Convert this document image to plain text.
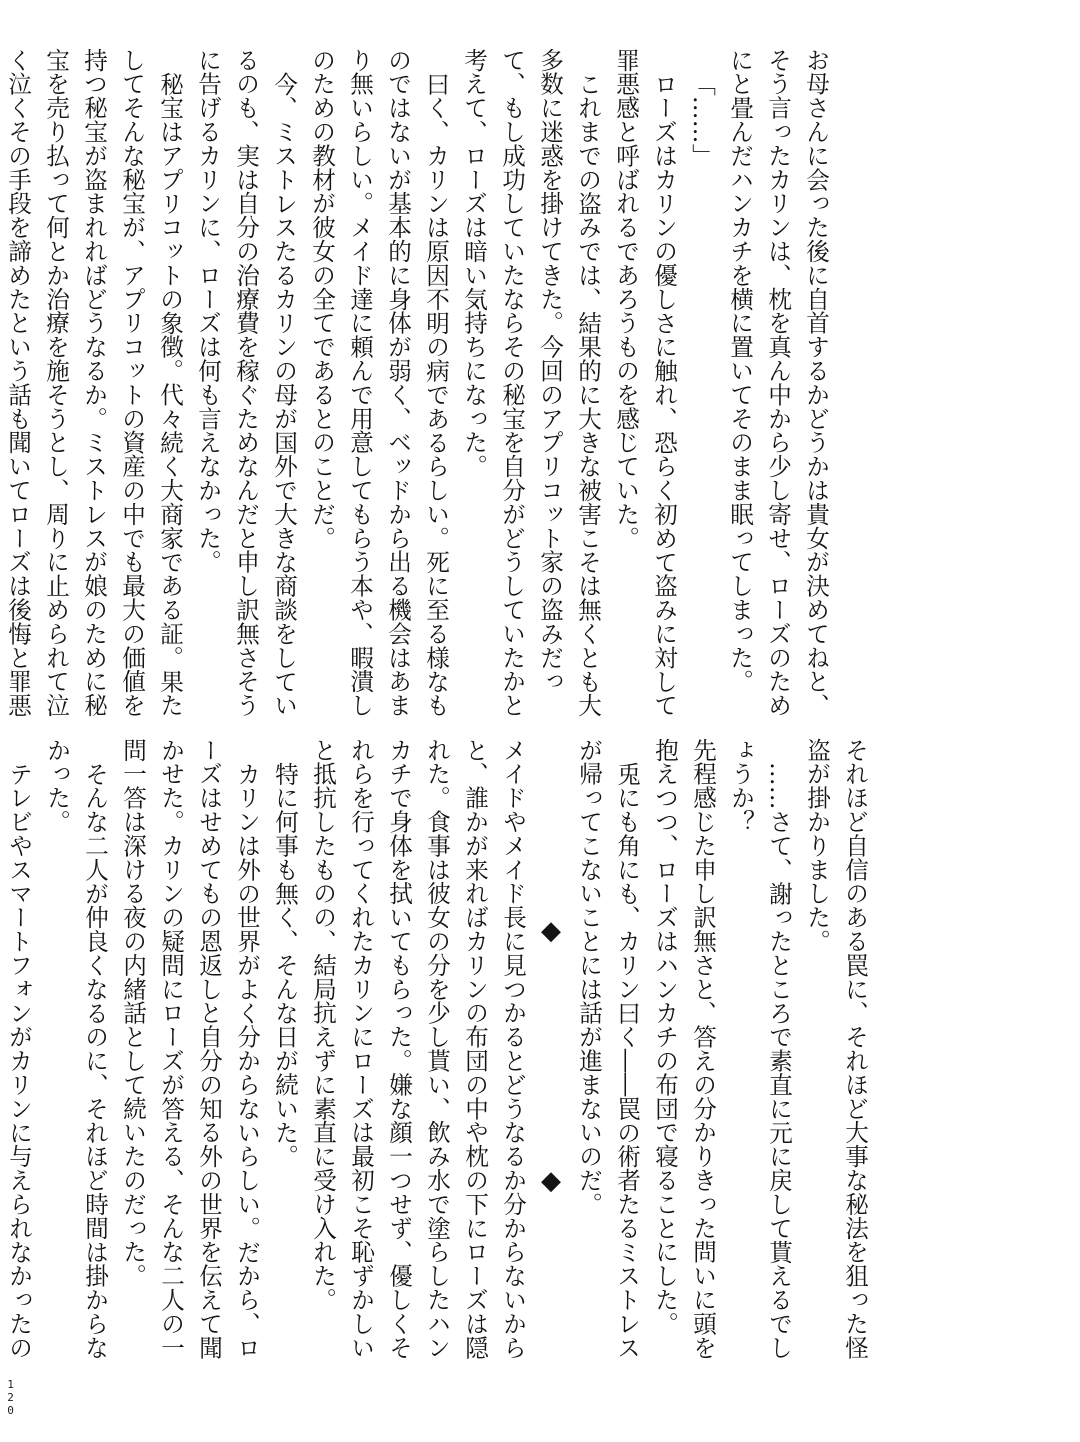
お母さんに会った後に自首するかどうかは貴女が決めてねと、そう言ったカリンは、枕を真ん中から少し寄せ、ローズのためにと畳んだハンカチを横に置いてそのまま眠ってしまった。

「……」

ローズはカリンの優しさに触れ、恐らく初めて盗みに対して罪悪感と呼ばれるであろうものを感じていた。

これまでの盗みでは、結果的に大きな被害こそは無くとも大多数に迷惑を掛けてきた。今回のアプリコット家の盗みだって、もし成功していたならその秘宝を自分がどうしていたかと考えて、ローズは暗い気持ちになった。

曰く、カリンは原因不明の病であるらしい。死に至る様なものではないが基本的に身体が弱く、ベッドから出る機会はあまり無いらしい。メイド達に頼んで用意してもらう本や、暇潰しのための教材が彼女の全てであるとのことだ。

今、ミストレスたるカリンの母が国外で大きな商談をしているのも、実は自分の治療費を稼ぐためなんだと申し訳無さそうに告げるカリンに、ローズは何も言えなかった。

秘宝はアプリコットの象徴。代々続く大商家である証。果たしてそんな秘宝が、アプリコットの資産の中でも最大の価値を持つ秘宝が盗まれればどうなるか。ミストレスが娘のために秘宝を売り払って何とか治療を施そうとし、周りに止められて泣く泣くその手段を諦めたという話も聞いてローズは後悔と罪悪

それほど自信のある罠に、それほど大事な秘法を狙った怪盗が掛かりました。

……さて、謝ったところで素直に元に戻して貰えるでしょうか？

先程感じた申し訳無さと、答えの分かりきった問いに頭を抱えつつ、ローズはハンカチの布団で寝ることにした。

兎にも角にも、カリン曰く――罠の術者たるミストレスが帰ってこないことには話が進まないのだ。

◆
◆

メイドやメイド長に見つかるとどうなるか分からないからと、誰かが来ればカリンの布団の中や枕の下にローズは隠れた。食事は彼女の分を少し貰い、飲み水で塗らしたハンカチで身体を拭いてもらった。嫌な顔一つせず、優しくそれらを行ってくれたカリンにローズは最初こそ恥ずかしいと抵抗したものの、結局抗えずに素直に受け入れた。

特に何事も無く、そんな日が続いた。

カリンは外の世界がよく分からないらしい。だから、ローズはせめてもの恩返しと自分の知る外の世界を伝えて聞かせた。カリンの疑問にローズが答える、そんな二人の一問一答は深ける夜の内緒話として続いたのだった。

そんな二人が仲良くなるのに、それほど時間は掛からなかった。

テレビやスマートフォンがカリンに与えられなかったの

120
